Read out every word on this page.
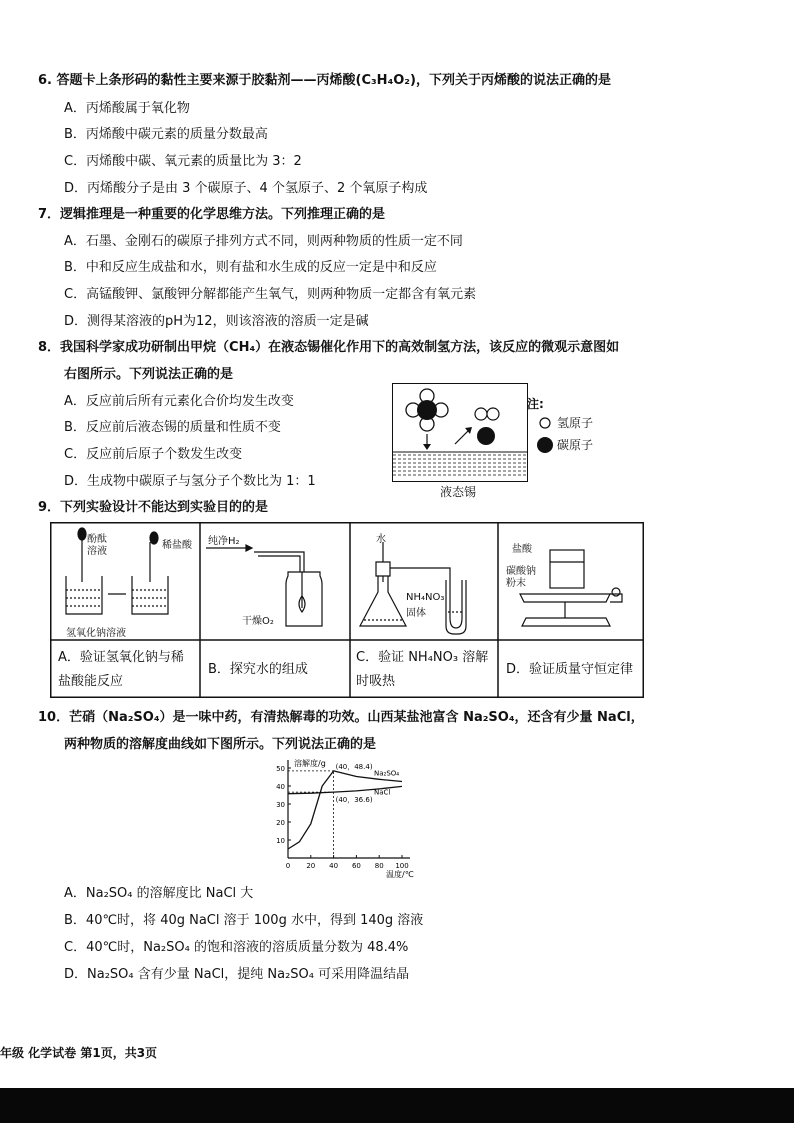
6. 答题卡上条形码的黏性主要来源于胶黏剂——丙烯酸(C₃H₄O₂)，下列关于丙烯酸的说法正确的是
A．丙烯酸属于氧化物
B．丙烯酸中碳元素的质量分数最高
C．丙烯酸中碳、氧元素的质量比为 3：2
D．丙烯酸分子是由 3 个碳原子、4 个氢原子、2 个氧原子构成
7．逻辑推理是一种重要的化学思维方法。下列推理正确的是
A．石墨、金刚石的碳原子排列方式不同，则两种物质的性质一定不同
B．中和反应生成盐和水，则有盐和水生成的反应一定是中和反应
C．高锰酸钾、氯酸钾分解都能产生氧气，则两种物质一定都含有氧元素
D．测得某溶液的pH为12，则该溶液的溶质一定是碱
8．我国科学家成功研制出甲烷（CH₄）在液态锡催化作用下的高效制氢方法，该反应的微观示意图如
右图所示。下列说法正确的是
A．反应前后所有元素化合价均发生改变
B．反应前后液态锡的质量和性质不变
C．反应前后原子个数发生改变
D．生成物中碳原子与氢分子个数比为 1：1
液态锡
注:
氢原子
碳原子
9．下列实验设计不能达到实验目的的是
酚酞
溶液
稀盐酸
氢氧化钠溶液
纯净H₂
干燥O₂
水
NH₄NO₃
固体
盐酸
碳酸钠
粉末
A．验证氢氧化钠与稀
盐酸能反应
B．探究水的组成
C．验证 NH₄NO₃ 溶解
时吸热
D．验证质量守恒定律
10．芒硝（Na₂SO₄）是一味中药，有清热解毒的功效。山西某盐池富含 Na₂SO₄，还含有少量 NaCl，
两种物质的溶解度曲线如下图所示。下列说法正确的是
0 20 40 60 80 100
10
20
30
40
50
溶解度/g
温度/℃
Na₂SO₄
NaCl
(40，48.4)
(40，36.6)
A．Na₂SO₄ 的溶解度比 NaCl 大
B．40℃时，将 40g NaCl 溶于 100g 水中，得到 140g 溶液
C．40℃时，Na₂SO₄ 的饱和溶液的溶质质量分数为 48.4%
D．Na₂SO₄ 含有少量 NaCl，提纯 Na₂SO₄ 可采用降温结晶
年级 化学试卷 第1页，共3页
